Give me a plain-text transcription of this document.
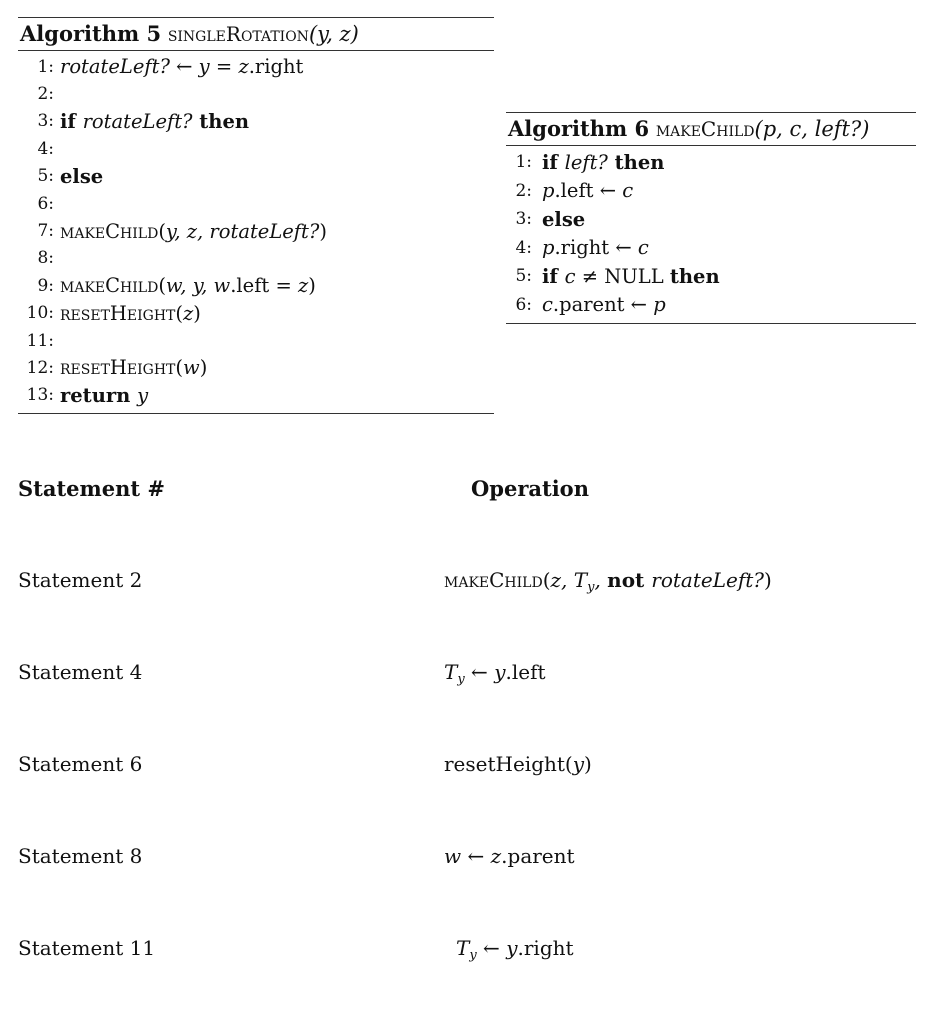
Algorithm 5 singleRotation(y, z)
1: rotateLeft? ← y = z.right
2:
3: if rotateLeft? then
4:
5: else
6:
7: makeChild(y, z, rotateLeft?)
8:
9: makeChild(w, y, w.left = z)
10: resetHeight(z)
11:
12: resetHeight(w)
13: return y
Algorithm 6 makeChild(p, c, left?)
1: if left? then
2: p.left ← c
3: else
4: p.right ← c
5: if c ≠ NULL then
6: c.parent ← p
Statement #	Operation
Statement 2	makeChild(z, $T_y$, not rotateLeft?)
Statement 4	$T_y$ ← y.left
Statement 6	resetHeight(y)
Statement 8	w ← z.parent
Statement 11	$T_y$ ← y.right
